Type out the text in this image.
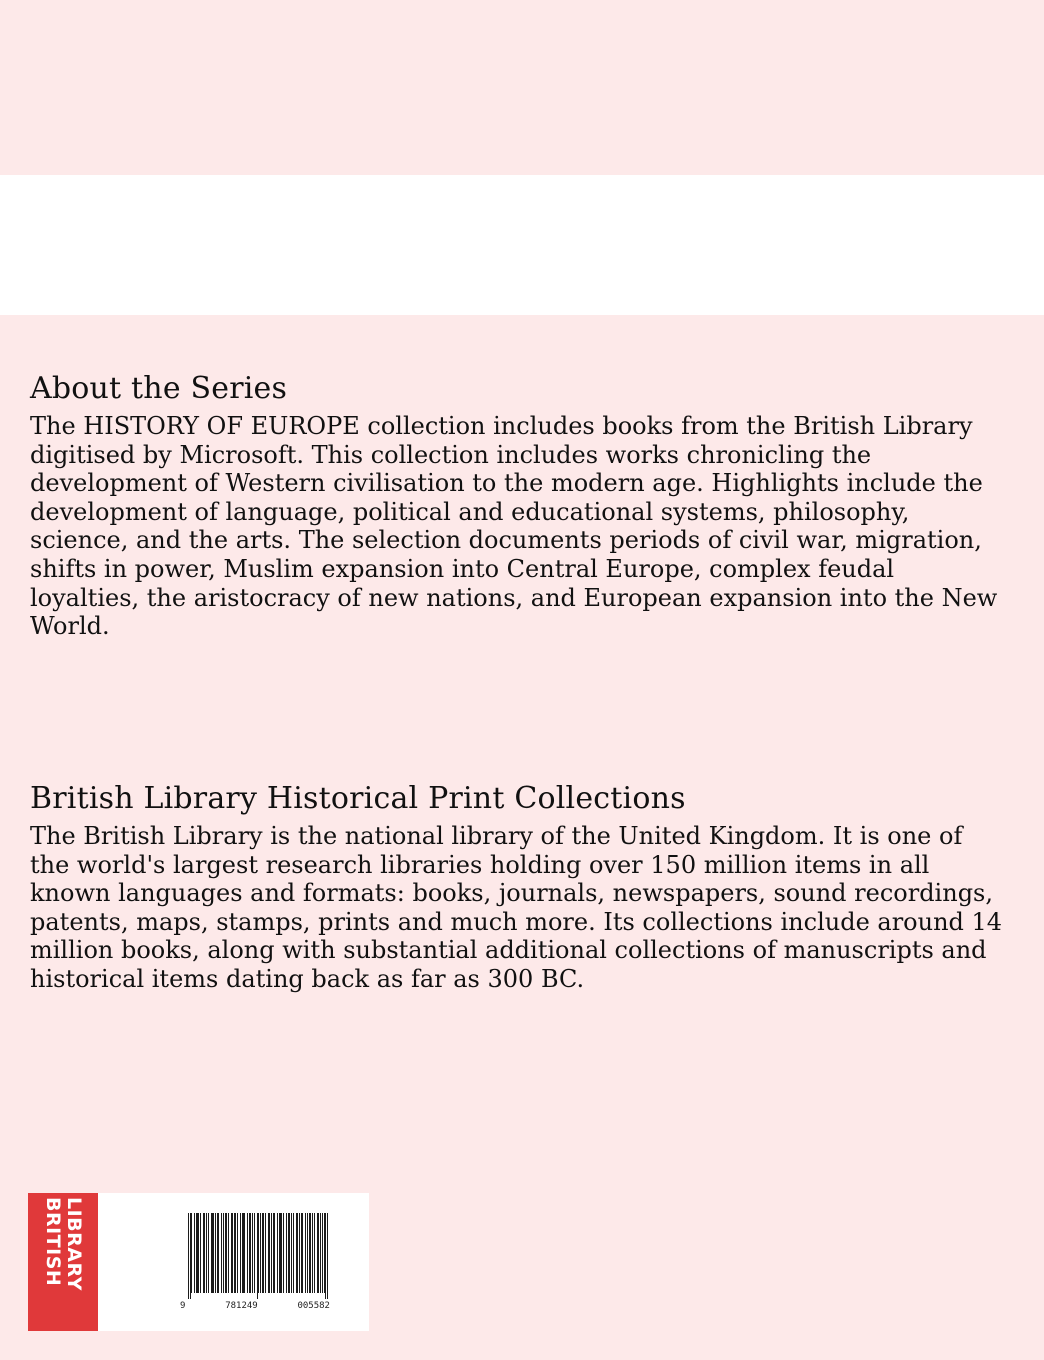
About the Series

The HISTORY OF EUROPE collection includes books from the British Library digitised by Microsoft. This collection includes works chronicling the development of Western civilisation to the modern age. Highlights include the development of language, political and educational systems, philosophy, science, and the arts. The selection documents periods of civil war, migration, shifts in power, Muslim expansion into Central Europe, complex feudal loyalties, the aristocracy of new nations, and European expansion into the New World.

British Library Historical Print Collections

The British Library is the national library of the United Kingdom. It is one of the world's largest research libraries holding over 150 million items in all known languages and formats: books, journals, newspapers, sound recordings, patents, maps, stamps, prints and much more. Its collections include around 14 million books, along with substantial additional collections of manuscripts and historical items dating back as far as 300 BC.

LIBRARY
BRITISH
9	781249	005582
